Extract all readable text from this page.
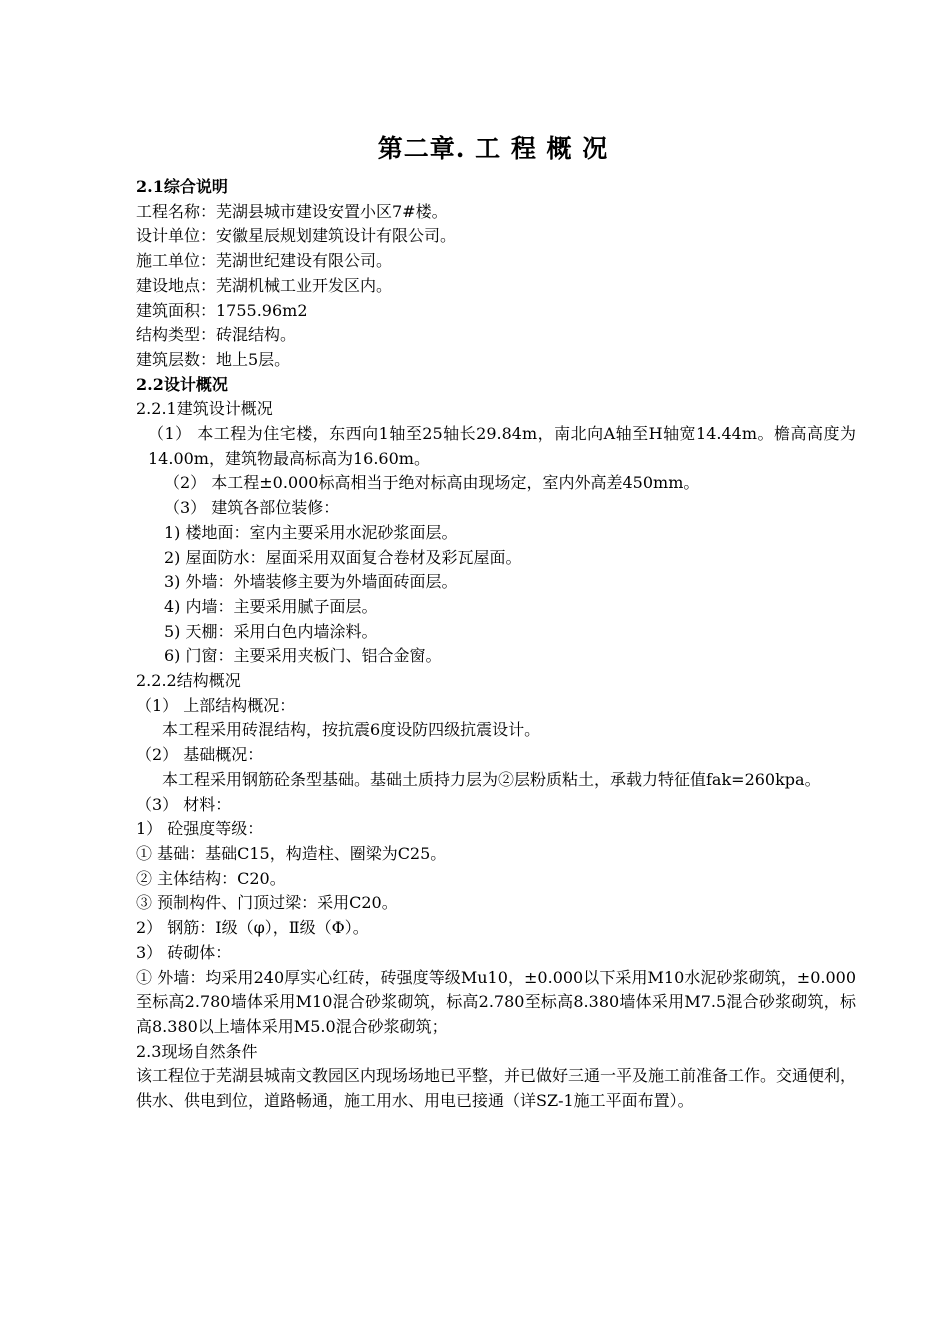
第二章. 工 程 概 况

2.1综合说明

工程名称：芜湖县城市建设安置小区7#楼。

设计单位：安徽星辰规划建筑设计有限公司。

施工单位：芜湖世纪建设有限公司。

建设地点：芜湖机械工业开发区内。

建筑面积：1755.96m2

结构类型：砖混结构。

建筑层数：地上5层。

2.2设计概况

2.2.1建筑设计概况

（1） 本工程为住宅楼，东西向1轴至25轴长29.84m，南北向A轴至H轴宽14.44m。檐高高度为14.00m，建筑物最高标高为16.60m。

（2） 本工程±0.000标高相当于绝对标高由现场定，室内外高差450mm。

（3） 建筑各部位装修：

1) 楼地面：室内主要采用水泥砂浆面层。

2) 屋面防水：屋面采用双面复合卷材及彩瓦屋面。

3) 外墙：外墙装修主要为外墙面砖面层。

4) 内墙：主要采用腻子面层。

5) 天棚：采用白色内墙涂料。

6) 门窗：主要采用夹板门、铝合金窗。

2.2.2结构概况

（1） 上部结构概况：

本工程采用砖混结构，按抗震6度设防四级抗震设计。

（2） 基础概况：

本工程采用钢筋砼条型基础。基础土质持力层为②层粉质粘土，承载力特征值fak=260kpa。

（3） 材料：

1） 砼强度等级：

① 基础：基础C15，构造柱、圈梁为C25。

② 主体结构：C20。

③ 预制构件、门顶过梁：采用C20。

2） 钢筋：Ⅰ级（φ），Ⅱ级（Φ）。

3） 砖砌体：

① 外墙：均采用240厚实心红砖，砖强度等级Mu10，±0.000以下采用M10水泥砂浆砌筑，±0.000至标高2.780墙体采用M10混合砂浆砌筑，标高2.780至标高8.380墙体采用M7.5混合砂浆砌筑，标高8.380以上墙体采用M5.0混合砂浆砌筑；

2.3现场自然条件

该工程位于芜湖县城南文教园区内现场场地已平整，并已做好三通一平及施工前准备工作。交通便利，供水、供电到位，道路畅通，施工用水、用电已接通（详SZ-1施工平面布置）。
